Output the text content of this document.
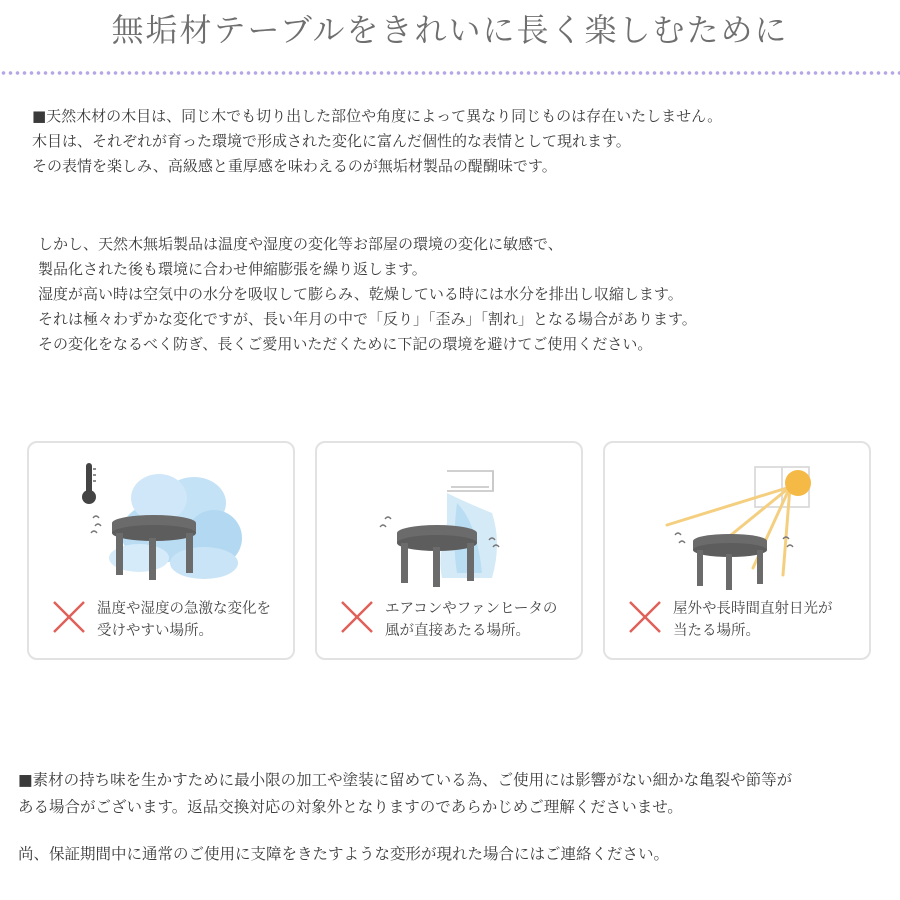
無垢材テーブルをきれいに長く楽しむために
■天然木材の木目は、同じ木でも切り出した部位や角度によって異なり同じものは存在いたしません。
木目は、それぞれが育った環境で形成された変化に富んだ個性的な表情として現れます。
その表情を楽しみ、高級感と重厚感を味わえるのが無垢材製品の醍醐味です。
しかし、天然木無垢製品は温度や湿度の変化等お部屋の環境の変化に敏感で、
製品化された後も環境に合わせ伸縮膨張を繰り返します。
湿度が高い時は空気中の水分を吸収して膨らみ、乾燥している時には水分を排出し収縮します。
それは極々わずかな変化ですが、長い年月の中で「反り」「歪み」「割れ」となる場合があります。
その変化をなるべく防ぎ、長くご愛用いただくために下記の環境を避けてご使用ください。
温度や湿度の急激な変化を
受けやすい場所。
エアコンやファンヒータの
風が直接あたる場所。
屋外や長時間直射日光が
当たる場所。
■素材の持ち味を生かすために最小限の加工や塗装に留めている為、ご使用には影響がない細かな亀裂や節等が
ある場合がございます。返品交換対応の対象外となりますのであらかじめご理解くださいませ。
尚、保証期間中に通常のご使用に支障をきたすような変形が現れた場合にはご連絡ください。
